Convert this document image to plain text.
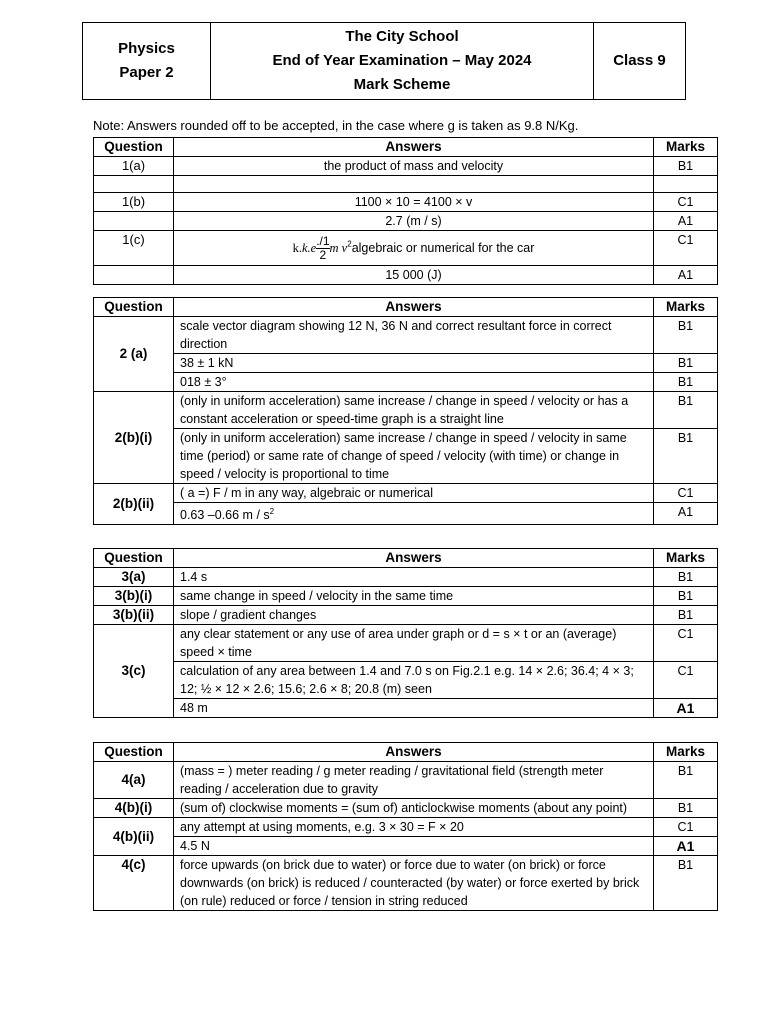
Physics
Paper 2

The City School
End of Year Examination – May 2024
Mark Scheme

Class 9
Note: Answers rounded off to be accepted, in the case where g is taken as 9.8 N/Kg.
Question	Answers	Marks
1(a)	the product of mass and velocity	B1

1(b)	1100 × 10 = 4100 × v	C1
	2.7 (m / s)	A1
1(c)	$k.k.e \frac{./1}{2}$ m $v^2algebraic$ or numerical for the car	C1
	15 000 (J)	A1
Question	Answers	Marks
2 (a)	scale vector diagram showing 12 N, 36 N and correct resultant force in correct direction	B1
	38 ± 1 kN	B1
	018 ± 3°	B1
2(b)(i)	(only in uniform acceleration) same increase / change in speed / velocity or has a constant acceleration or speed-time graph is a straight line	B1
	(only in uniform acceleration) same increase / change in speed / velocity in same time (period) or same rate of change of speed / velocity (with time) or change in speed / velocity is proportional to time	B1
2(b)(ii)	( a =) F / m in any way, algebraic or numerical	C1
	0.63 –0.66 m / $s^2$	A1
Question	Answers	Marks
3(a)	1.4 s	B1
3(b)(i)	same change in speed / velocity in the same time	B1
3(b)(ii)	slope / gradient changes	B1
3(c)	any clear statement or any use of area under graph or d = s × t or an (average) speed × time	C1
	calculation of any area between 1.4 and 7.0 s on Fig.2.1 e.g. 14 × 2.6; 36.4; 4 × 3; 12; ½ × 12 × 2.6; 15.6; 2.6 × 8; 20.8 (m) seen	C1
	48 m	A1
Question	Answers	Marks
4(a)	(mass = ) meter reading / g meter reading / gravitational field (strength meter reading / acceleration due to gravity	B1
4(b)(i)	(sum of) clockwise moments = (sum of) anticlockwise moments (about any point)	B1
4(b)(ii)	any attempt at using moments, e.g. 3 × 30 = F × 20	C1
	4.5 N	A1
4(c)	force upwards (on brick due to water) or force due to water (on brick) or force downwards (on brick) is reduced / counteracted (by water) or force exerted by brick (on rule) reduced or force / tension in string reduced	B1
